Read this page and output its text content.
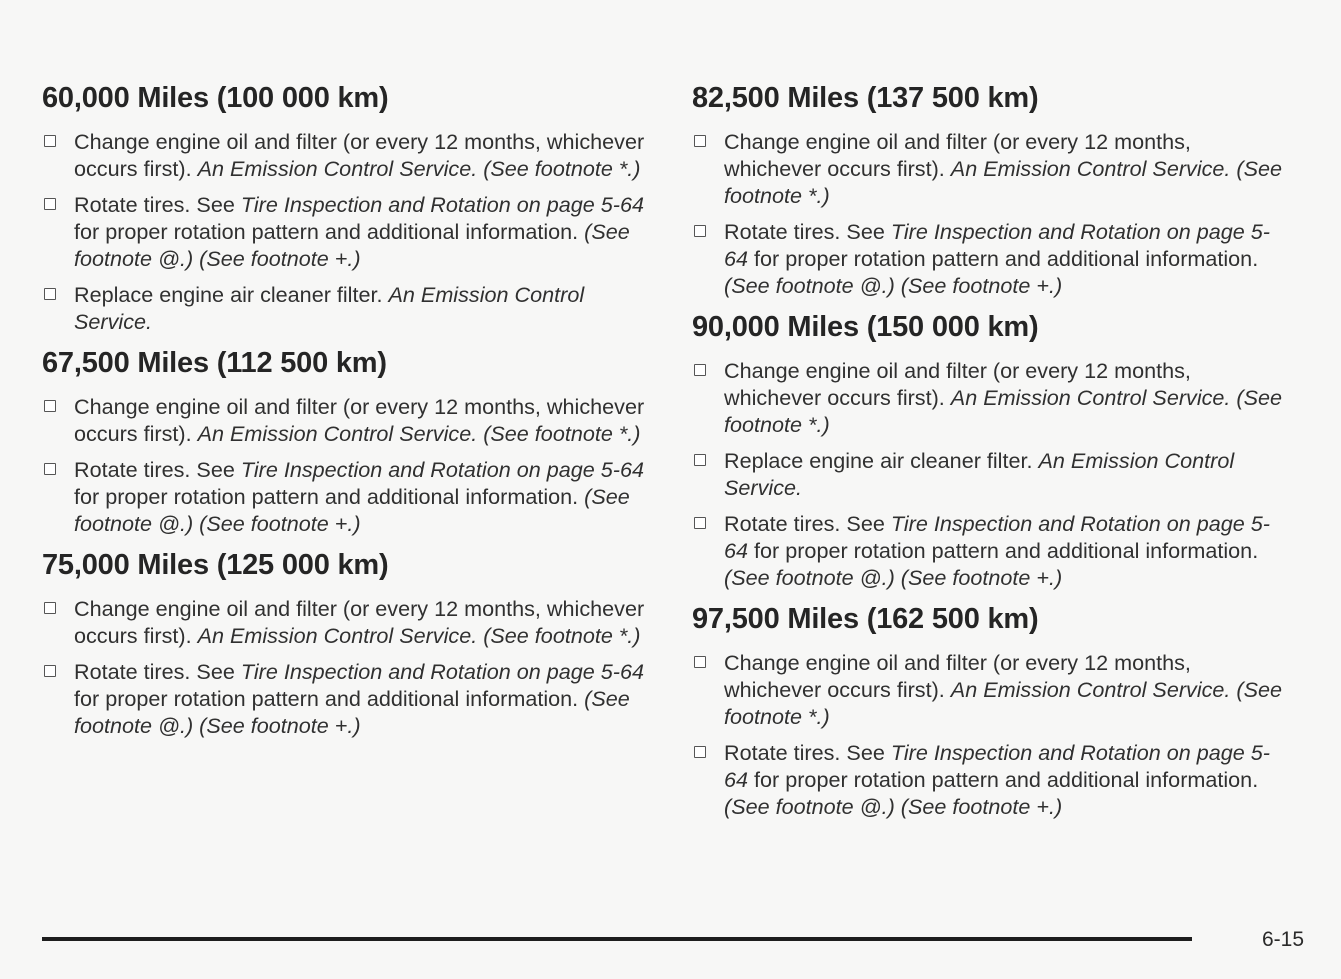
60,000 Miles (100 000 km)
Change engine oil and filter (or every 12 months, whichever occurs first). An Emission Control Service. (See footnote *.)
Rotate tires. See Tire Inspection and Rotation on page 5-64 for proper rotation pattern and additional information. (See footnote @.) (See footnote +.)
Replace engine air cleaner filter. An Emission Control Service.
67,500 Miles (112 500 km)
Change engine oil and filter (or every 12 months, whichever occurs first). An Emission Control Service. (See footnote *.)
Rotate tires. See Tire Inspection and Rotation on page 5-64 for proper rotation pattern and additional information. (See footnote @.) (See footnote +.)
75,000 Miles (125 000 km)
Change engine oil and filter (or every 12 months, whichever occurs first). An Emission Control Service. (See footnote *.)
Rotate tires. See Tire Inspection and Rotation on page 5-64 for proper rotation pattern and additional information. (See footnote @.) (See footnote +.)
82,500 Miles (137 500 km)
Change engine oil and filter (or every 12 months, whichever occurs first). An Emission Control Service. (See footnote *.)
Rotate tires. See Tire Inspection and Rotation on page 5-64 for proper rotation pattern and additional information. (See footnote @.) (See footnote +.)
90,000 Miles (150 000 km)
Change engine oil and filter (or every 12 months, whichever occurs first). An Emission Control Service. (See footnote *.)
Replace engine air cleaner filter. An Emission Control Service.
Rotate tires. See Tire Inspection and Rotation on page 5-64 for proper rotation pattern and additional information. (See footnote @.) (See footnote +.)
97,500 Miles (162 500 km)
Change engine oil and filter (or every 12 months, whichever occurs first). An Emission Control Service. (See footnote *.)
Rotate tires. See Tire Inspection and Rotation on page 5-64 for proper rotation pattern and additional information. (See footnote @.) (See footnote +.)
6-15
